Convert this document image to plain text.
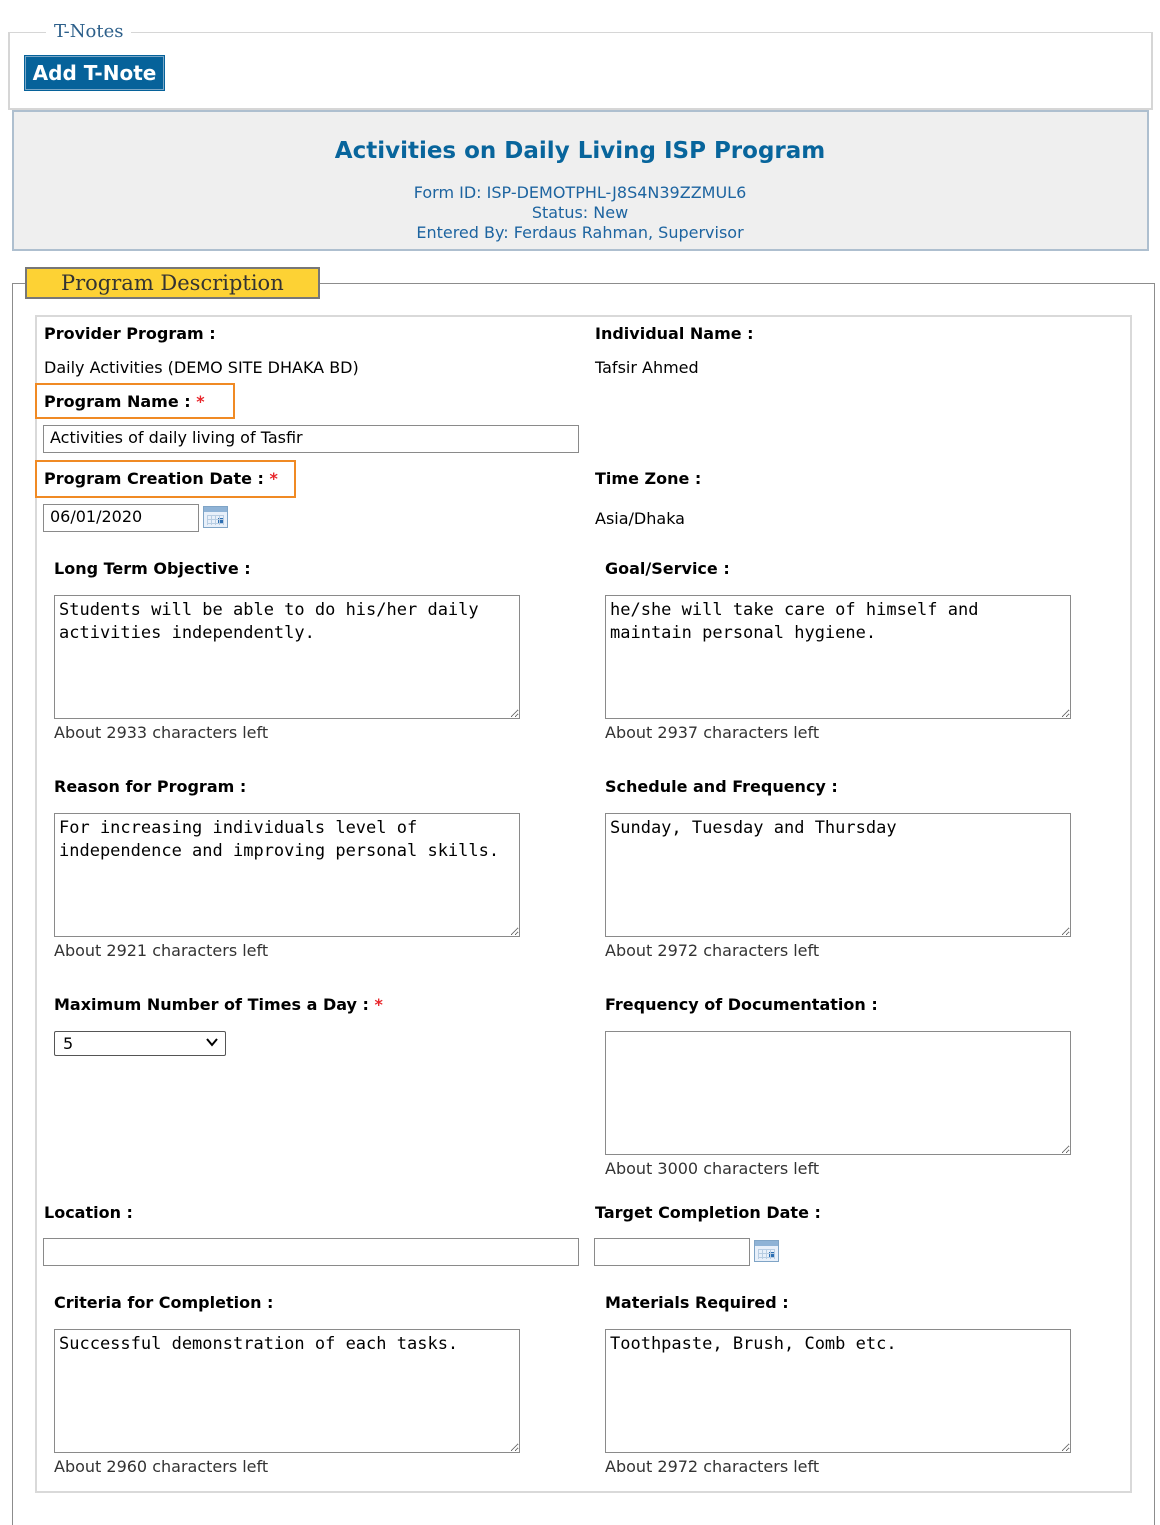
T-Notes
Add T-Note
Activities on Daily Living ISP Program
Form ID: ISP-DEMOTPHL-J8S4N39ZZMUL6
Status: New
Entered By: Ferdaus Rahman, Supervisor
Program Description
Provider Program :
Daily Activities (DEMO SITE DHAKA BD)
Individual Name :
Tafsir Ahmed
Program Name : *
Activities of daily living of Tasfir
Program Creation Date : *
06/01/2020
Time Zone :
Asia/Dhaka
Long Term Objective :
Students will be able to do his/her daily activities independently.
About 2933 characters left
Goal/Service :
he/she will take care of himself and maintain personal hygiene.
About 2937 characters left
Reason for Program :
For increasing individuals level of independence and improving personal skills.
About 2921 characters left
Schedule and Frequency :
Sunday, Tuesday and Thursday
About 2972 characters left
Maximum Number of Times a Day : *
5
Frequency of Documentation :
About 3000 characters left
Location :	Target Completion Date :
Criteria for Completion :
Successful demonstration of each tasks.
About 2960 characters left
Materials Required :
Toothpaste, Brush, Comb etc.
About 2972 characters left
